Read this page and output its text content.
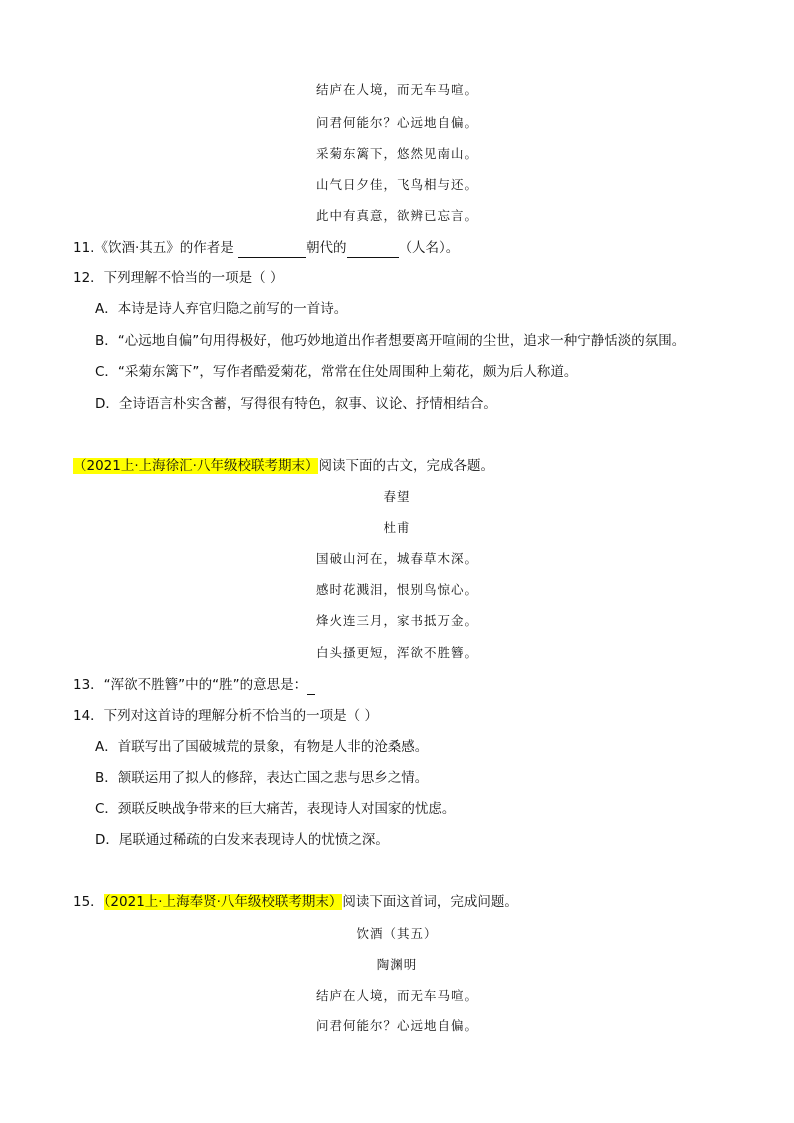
结庐在人境，而无车马喧。
问君何能尔？心远地自偏。
采菊东篱下，悠然见南山。
山气日夕佳，飞鸟相与还。
此中有真意，欲辨已忘言。
11.《饮酒·其五》的作者是	朝代的	（人名）。
12．下列理解不恰当的一项是（ ）
A．本诗是诗人弃官归隐之前写的一首诗。
B．“心远地自偏”句用得极好，他巧妙地道出作者想要离开喧闹的尘世，追求一种宁静恬淡的氛围。
C．“采菊东篱下”，写作者酷爱菊花，常常在住处周围种上菊花，颇为后人称道。
D．全诗语言朴实含蓄，写得很有特色，叙事、议论、抒情相结合。
（2021上·上海徐汇·八年级校联考期末）阅读下面的古文，完成各题。
春望
杜甫
国破山河在，城春草木深。
感时花溅泪，恨别鸟惊心。
烽火连三月，家书抵万金。
白头搔更短，浑欲不胜簪。
13．“浑欲不胜簪”中的“胜”的意思是：
14．下列对这首诗的理解分析不恰当的一项是（ ）
A．首联写出了国破城荒的景象，有物是人非的沧桑感。
B．颔联运用了拟人的修辞，表达亡国之悲与思乡之情。
C．颈联反映战争带来的巨大痛苦，表现诗人对国家的忧虑。
D．尾联通过稀疏的白发来表现诗人的忧愤之深。
15．（2021上·上海奉贤·八年级校联考期末）阅读下面这首词，完成问题。
饮酒（其五）
陶渊明
结庐在人境，而无车马喧。
问君何能尔？心远地自偏。
